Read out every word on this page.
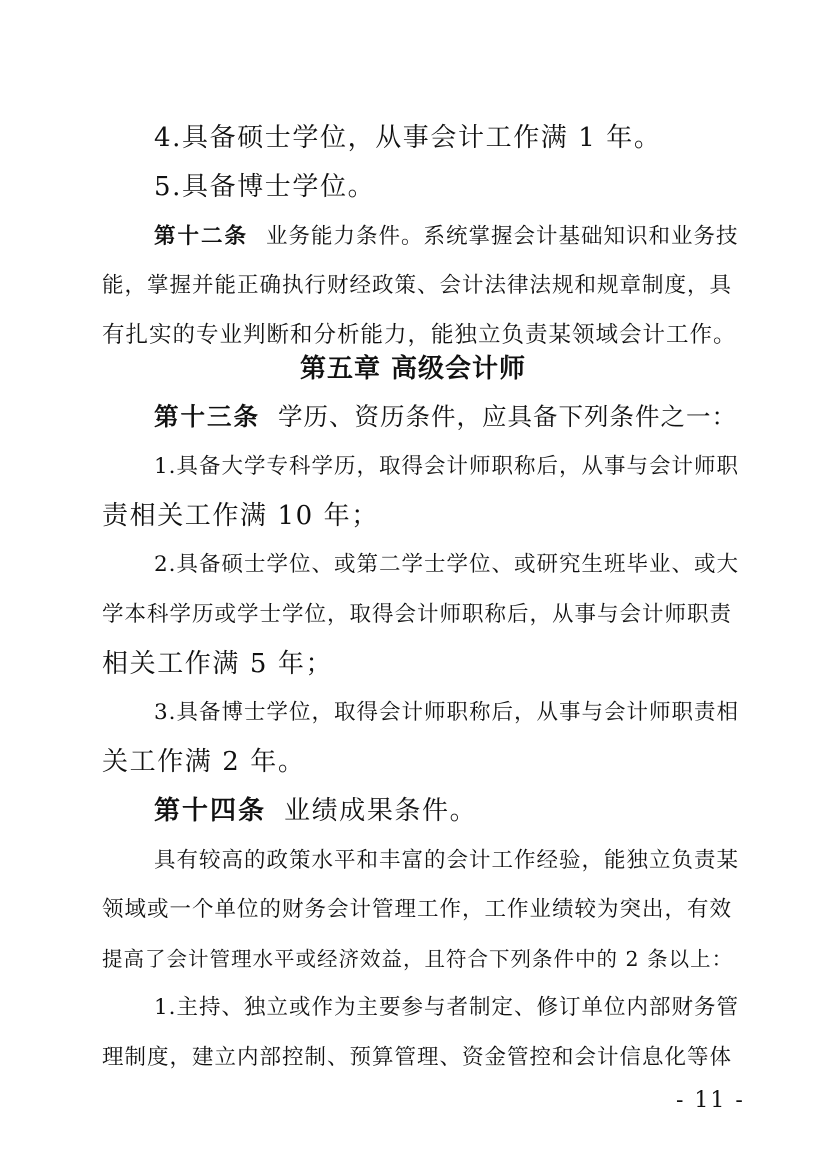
4.具备硕士学位，从事会计工作满 1 年。
5.具备博士学位。
第十二条 业务能力条件。系统掌握会计基础知识和业务技
能，掌握并能正确执行财经政策、会计法律法规和规章制度，具
有扎实的专业判断和分析能力，能独立负责某领域会计工作。
第五章 高级会计师
第十三条 学历、资历条件，应具备下列条件之一：
1.具备大学专科学历，取得会计师职称后，从事与会计师职
责相关工作满 10 年；
2.具备硕士学位、或第二学士学位、或研究生班毕业、或大
学本科学历或学士学位，取得会计师职称后，从事与会计师职责
相关工作满 5 年；
3.具备博士学位，取得会计师职称后，从事与会计师职责相
关工作满 2 年。
第十四条 业绩成果条件。
具有较高的政策水平和丰富的会计工作经验，能独立负责某
领域或一个单位的财务会计管理工作，工作业绩较为突出，有效
提高了会计管理水平或经济效益，且符合下列条件中的 2 条以上：
1.主持、独立或作为主要参与者制定、修订单位内部财务管
理制度，建立内部控制、预算管理、资金管控和会计信息化等体
- 11 -
